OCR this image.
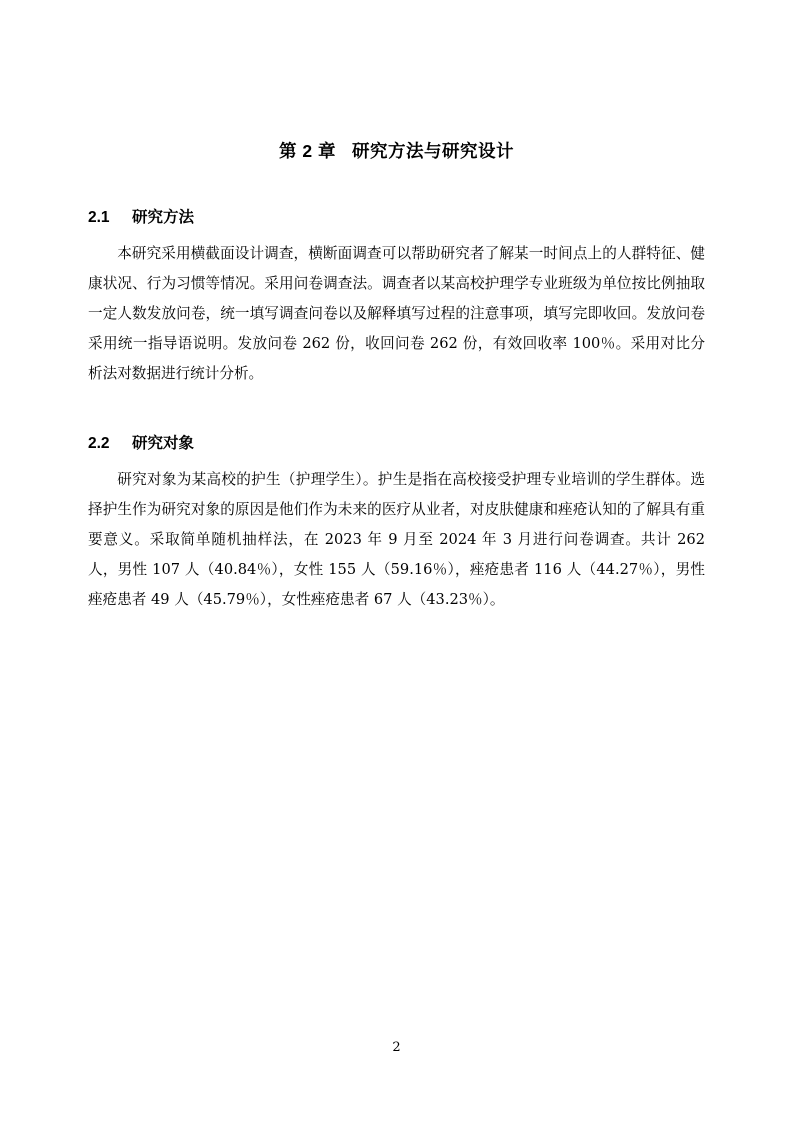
第 2 章 研究方法与研究设计
2.1 研究方法

本研究采用横截面设计调查，横断面调查可以帮助研究者了解某一时间点上的人群特征、健康状况、行为习惯等情况。采用问卷调查法。调查者以某高校护理学专业班级为单位按比例抽取一定人数发放问卷，统一填写调查问卷以及解释填写过程的注意事项，填写完即收回。发放问卷采用统一指导语说明。发放问卷 262 份，收回问卷 262 份，有效回收率 100％。采用对比分析法对数据进行统计分析。

2.2 研究对象

研究对象为某高校的护生（护理学生）。护生是指在高校接受护理专业培训的学生群体。选择护生作为研究对象的原因是他们作为未来的医疗从业者，对皮肤健康和痤疮认知的了解具有重要意义。采取简单随机抽样法，在 2023 年 9 月至 2024 年 3 月进行问卷调查。共计 262 人，男性 107 人（40.84％），女性 155 人（59.16％），痤疮患者 116 人（44.27％），男性痤疮患者 49 人（45.79％），女性痤疮患者 67 人（43.23％）。

2
